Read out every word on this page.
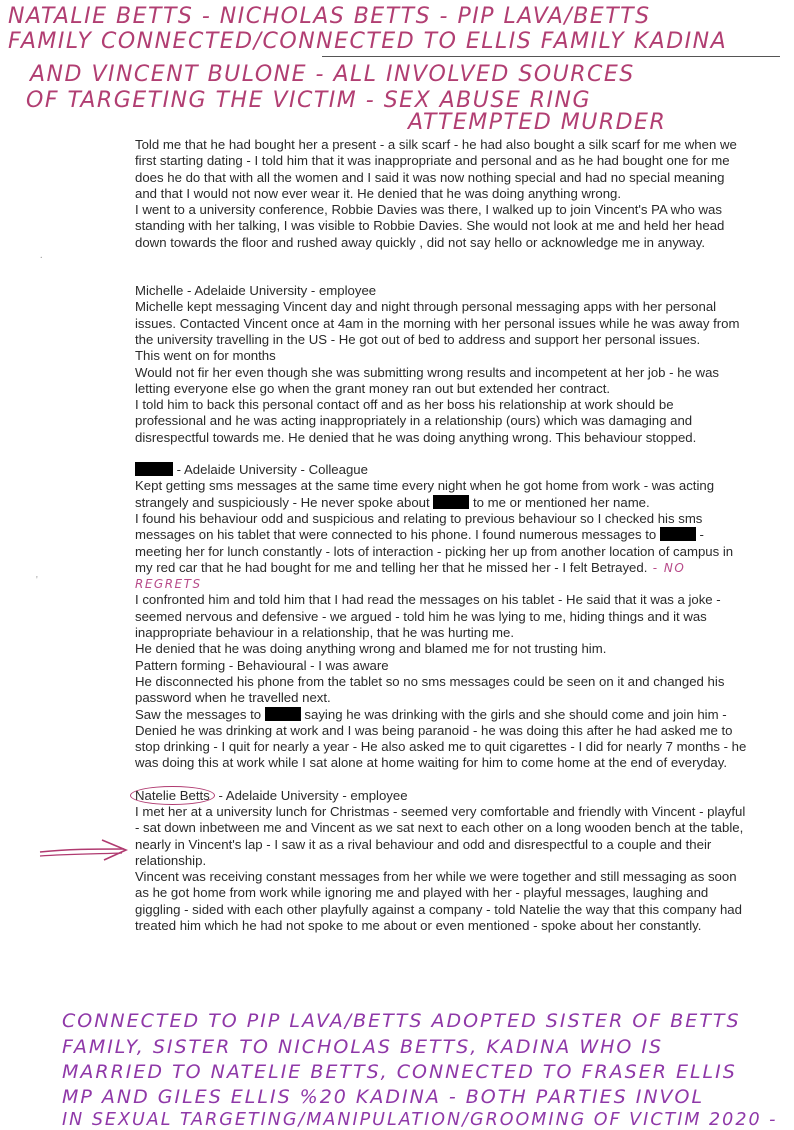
NATALIE BETTS - NICHOLAS BETTS - PIP LAVA/BETTS

FAMILY CONNECTED/CONNECTED TO ELLIS FAMILY KADINA

AND VINCENT BULONE - ALL INVOLVED SOURCES

OF TARGETING THE VICTIM - SEX ABUSE RING

ATTEMPTED MURDER

.
'

Told me that he had bought her a present - a silk scarf - he had also bought a silk scarf for me when we first starting dating - I told him that it was inappropriate and personal and as he had bought one for me does he do that with all the women and I said it was now nothing special and had no special meaning and that I would not now ever wear it. He denied that he was doing anything wrong.

I went to a university conference, Robbie Davies was there, I walked up to join Vincent's PA who was standing with her talking, I was visible to Robbie Davies. She would not look at me and held her head down towards the floor and rushed away quickly , did not say hello or acknowledge me in anyway.

Michelle - Adelaide University - employee

Michelle kept messaging Vincent day and night through personal messaging apps with her personal issues. Contacted Vincent once at 4am in the morning with her personal issues while he was away from the university travelling in the US - He got out of bed to address and support her personal issues.

This went on for months

Would not fir her even though she was submitting wrong results and incompetent at her job - he was letting everyone else go when the grant money ran out but extended her contract.

I told him to back this personal contact off and as her boss his relationship at work should be professional and he was acting inappropriately in a relationship (ours) which was damaging and disrespectful towards me. He denied that he was doing anything wrong. This behaviour stopped.

- Adelaide University - Colleague

Kept getting sms messages at the same time every night when he got home from work - was acting strangely and suspiciously - He never spoke about	to me or mentioned her name.

I found his behaviour odd and suspicious and relating to previous behaviour so I checked his sms messages on his tablet that were connected to his phone. I found numerous messages to	- meeting her for lunch constantly - lots of interaction - picking her up from another location of campus in my red car that he had bought for me and telling her that he missed her - I felt Betrayed. - NO REGRETS

I confronted him and told him that I had read the messages on his tablet - He said that it was a joke - seemed nervous and defensive - we argued - told him he was lying to me, hiding things and it was inappropriate behaviour in a relationship, that he was hurting me.

He denied that he was doing anything wrong and blamed me for not trusting him.

Pattern forming - Behavioural - I was aware

He disconnected his phone from the tablet so no sms messages could be seen on it and changed his password when he travelled next.

Saw the messages to	saying he was drinking with the girls and she should come and join him - Denied he was drinking at work and I was being paranoid - he was doing this after he had asked me to stop drinking - I quit for nearly a year - He also asked me to quit cigarettes - I did for nearly 7 months - he was doing this at work while I sat alone at home waiting for him to come home at the end of everyday.

Natelie Betts - Adelaide University - employee

I met her at a university lunch for Christmas - seemed very comfortable and friendly with Vincent - playful - sat down inbetween me and Vincent as we sat next to each other on a long wooden bench at the table, nearly in Vincent's lap - I saw it as a rival behaviour and odd and disrespectful to a couple and their relationship.

Vincent was receiving constant messages from her while we were together and still messaging as soon as he got home from work while ignoring me and played with her - playful messages, laughing and giggling - sided with each other playfully against a company - told Natelie the way that this company had treated him which he had not spoke to me about or even mentioned - spoke about her constantly.

CONNECTED TO PIP LAVA/BETTS ADOPTED SISTER OF BETTS

FAMILY, SISTER TO NICHOLAS BETTS, KADINA WHO IS

MARRIED TO NATELIE BETTS, CONNECTED TO FRASER ELLIS

MP AND GILES ELLIS %20 KADINA - BOTH PARTIES INVOL

IN SEXUAL TARGETING/MANIPULATION/GROOMING OF VICTIM 2020 -
